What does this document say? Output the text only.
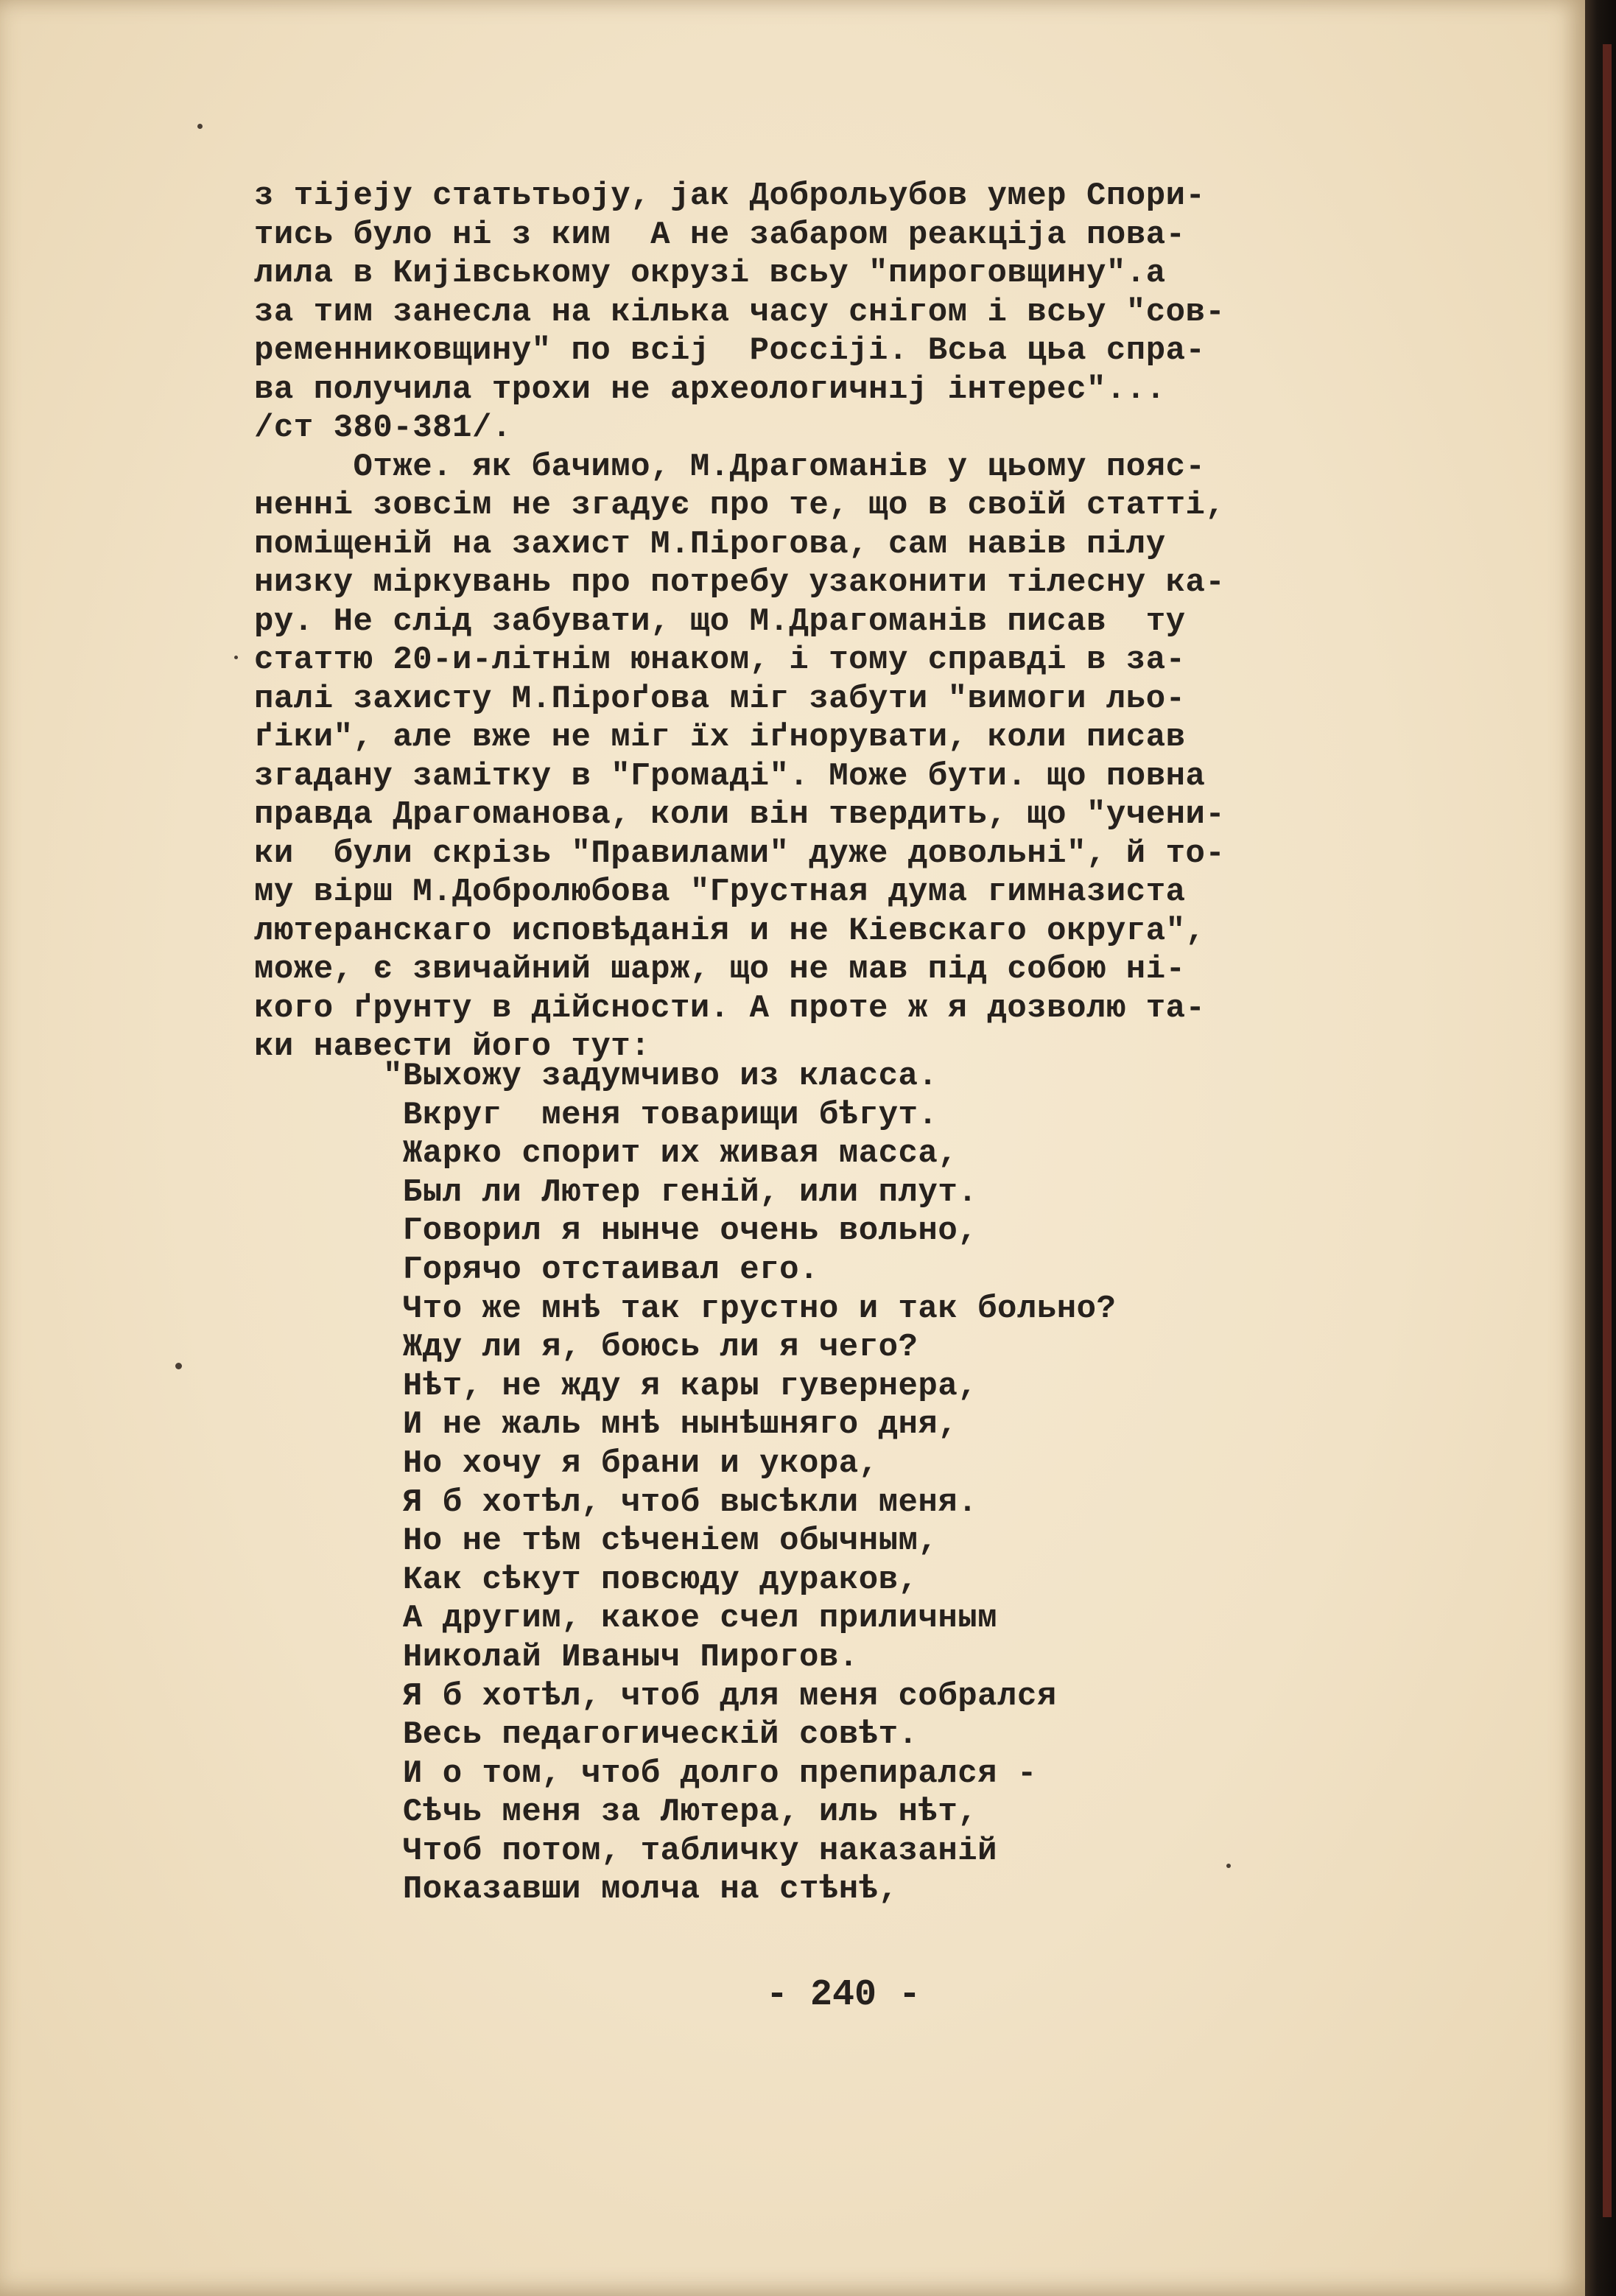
з тіјеју статьтьоју, јак Доброльубов умер Спори-
тись було ні з ким  А не забаром реакціја пова-
лила в Кијівському окрузі всьу "пироговщину".а
за тим занесла на кілька часу снігом і всьу "сов-
ременниковщину" по всіј  Россіјі. Всьа цьа спра-
ва получила трохи не археологичнıј інтерес"...
/ст 380-381/.
Отже. як бачимо, М.Драгоманів у цьому пояс-
ненні зовсім не згадує про те, що в своїй статті,
поміщеній на захист М.Пірогова, сам навів пілу
низку міркувань про потребу узаконити тілесну ка-
ру. Не слід забувати, що М.Драгоманів писав  ту
статтю 20-и-літнім юнаком, і тому справді в за-
палі захисту М.Піроґова міг забути "вимоги льо-
ґіки", але вже не міг їх іґнорувати, коли писав
згадану замітку в "Громаді". Може бути. що повна
правда Драгоманова, коли він твердить, що "учени-
ки  були скрізь "Правилами" дуже довольні", й то-
му вірш М.Добролюбова "Грустная дума гимназиста
лютеранскаго исповѣданія и не Кіевскаго округа",
може, є звичайний шарж, що не мав під собою ні-
кого ґрунту в дійсности. А проте ж я дозволю та-
ки навести його тут:
"Выхожу задумчиво из класса.
Вкруг  меня товарищи бѣгут.
Жарко спорит их живая масса,
Был ли Лютер геній, или плут.
Говорил я нынче очень вольно,
Горячо отстаивал его.
Что же мнѣ так грустно и так больно?
Жду ли я, боюсь ли я чего?
Нѣт, не жду я кары гувернера,
И не жаль мнѣ нынѣшняго дня,
Но хочу я брани и укора,
Я б хотѣл, чтоб высѣкли меня.
Но не тѣм сѣченіем обычным,
Как сѣкут повсюду дураков,
А другим, какое счел приличным
Николай Иваныч Пирогов.
Я б хотѣл, чтоб для меня собрался
Весь педагогическій совѣт.
И о том, чтоб долго препирался -
Сѣчь меня за Лютера, иль нѣт,
Чтоб потом, табличку наказаній
Показавши молча на стѣнѣ,
- 240 -
